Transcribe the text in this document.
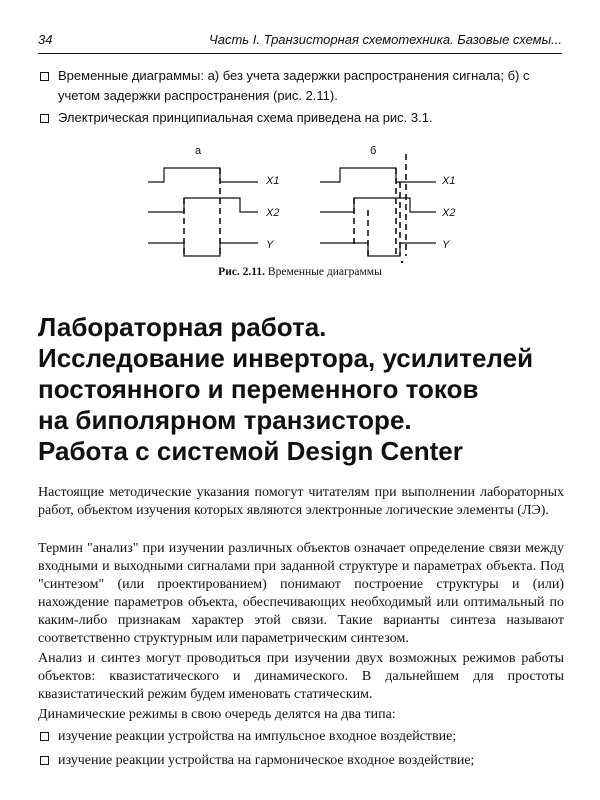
34	Часть I. Транзисторная схемотехника. Базовые схемы...
Временные диаграммы: а) без учета задержки распространения сигнала; б) с учетом задержки распространения (рис. 2.11).
Электрическая принципиальная схема приведена на рис. 3.1.
а	б
X1
X2
Y
X1
X2
Y
Рис. 2.11. Временные диаграммы
Лабораторная работа.
Исследование инвертора, усилителей
постоянного и переменного токов
на биполярном транзисторе.
Работа с системой Design Center
Настоящие методические указания помогут читателям при выполнении лабораторных работ, объектом изучения которых являются электронные логические элементы (ЛЭ).
Термин "анализ" при изучении различных объектов означает определение связи между входными и выходными сигналами при заданной структуре и параметрах объекта. Под "синтезом" (или проектированием) понимают построение структуры и (или) нахождение параметров объекта, обеспечивающих необходимый или оптимальный по каким-либо признакам характер этой связи. Такие варианты синтеза называют соответственно структурным или параметрическим синтезом.
Анализ и синтез могут проводиться при изучении двух возможных режимов работы объектов: квазистатического и динамического. В дальнейшем для простоты квазистатический режим будем именовать статическим.
Динамические режимы в свою очередь делятся на два типа:
изучение реакции устройства на импульсное входное воздействие;
изучение реакции устройства на гармоническое входное воздействие;
